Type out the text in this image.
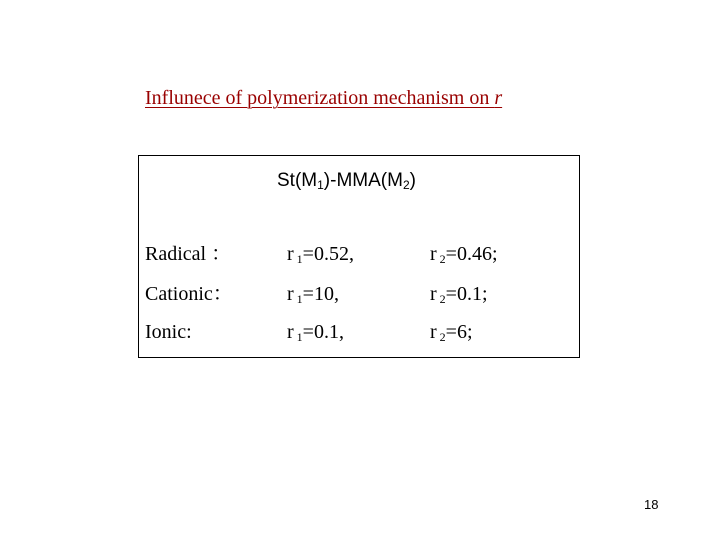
Influnece of polymerization mechanism on r
$St(M_1)-MMA(M_2)$
Radical ：	r $_1$=0.52,	r $_2$=0.46;
Cationic：	r $_1$=10,	r $_2$=0.1;
Ionic:	r $_1$=0.1,	r $_2$=6;
18
